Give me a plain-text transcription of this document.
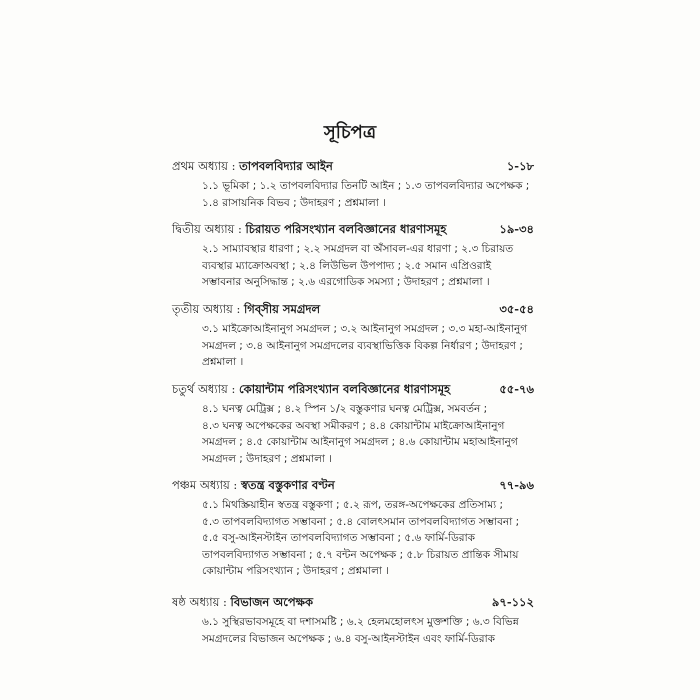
সূচিপত্র
প্রথম অধ্যায় : তাপবলবিদ্যার আইন	১-১৮
১.১ ভূমিকা ; ১.২ তাপবলবিদ্যার তিনটি আইন ; ১.৩ তাপবলবিদ্যার অপেক্ষক ;
১.৪ রাসায়নিক বিভব ; উদাহরণ ; প্রশ্নমালা ।
দ্বিতীয় অধ্যায় : চিরায়ত পরিসংখ্যান বলবিজ্ঞানের ধারণাসমূহ	১৯-৩৪
২.১ সাম্যাবস্থার ধারণা ; ২.২ সমগ্রদল বা অঁসাবল-এর ধারণা ; ২.৩ চিরায়ত
ব্যবস্থার ম্যাক্রোঅবস্থা ; ২.৪ লিউভিল উপপাদ্য ; ২.৫ সমান এপ্রিওরাই
সম্ভাবনার অনুসিদ্ধান্ত ; ২.৬ এরগোডিক সমস্যা ; উদাহরণ ; প্রশ্নমালা ।
তৃতীয় অধ্যায় : গিব্‌সীয় সমগ্রদল	৩৫-৫৪
৩.১ মাইক্রোআইনানুগ সমগ্রদল ; ৩.২ আইনানুগ সমগ্রদল ; ৩.৩ মহা-আইনানুগ
সমগ্রদল ; ৩.৪ আইনানুগ সমগ্রদলের ব্যবস্থাভিত্তিক বিকল্প নির্ধারণ ; উদাহরণ ;
প্রশ্নমালা ।
চতুর্থ অধ্যায় : কোয়ান্টাম পরিসংখ্যান বলবিজ্ঞানের ধারণাসমূহ	৫৫-৭৬
৪.১ ঘনত্ব মেট্রিক্স ; ৪.২ স্পিন ১/২ বস্তুকণার ঘনত্ব মেট্রিক্স, সমবর্তন ;
৪.৩ ঘনত্ব অপেক্ষকের অবস্থা সমীকরণ ; ৪.৪ কোয়ান্টাম মাইক্রোআইনানুগ
সমগ্রদল ; ৪.৫ কোয়ান্টাম আইনানুগ সমগ্রদল ; ৪.৬ কোয়ান্টাম মহাআইনানুগ
সমগ্রদল ; উদাহরণ ; প্রশ্নমালা ।
পঞ্চম অধ্যায় : স্বতন্ত্র বস্তুকণার বণ্টন	৭৭-৯৬
৫.১ মিথস্ক্রিয়াহীন স্বতন্ত্র বস্তুকণা ; ৫.২ রূপ, তরঙ্গ-অপেক্ষকের প্রতিসাম্য ;
৫.৩ তাপবলবিদ্যাগত সম্ভাবনা ; ৫.৪ বোলৎসমান তাপবলবিদ্যাগত সম্ভাবনা ;
৫.৫ বসু-আইনস্টাইন তাপবলবিদ্যাগত সম্ভাবনা ; ৫.৬ ফার্মি-ডিরাক
তাপবলবিদ্যাগত সম্ভাবনা ; ৫.৭ বন্টন অপেক্ষক ; ৫.৮ চিরায়ত প্রান্তিক সীমায়
কোয়ান্টাম পরিসংখ্যান ; উদাহরণ ; প্রশ্নমালা ।
ষষ্ঠ অধ্যায় : বিভাজন অপেক্ষক	৯৭-১১২
৬.১ সুস্থিরভাবসমূহে বা দশাসমষ্টি ; ৬.২ হেলমহোলৎস মুক্তশক্তি ; ৬.৩ বিভিন্ন
সমগ্রদলের বিভাজন অপেক্ষক ; ৬.৪ বসু-আইনস্টাইন এবং ফার্মি-ডিরাক
